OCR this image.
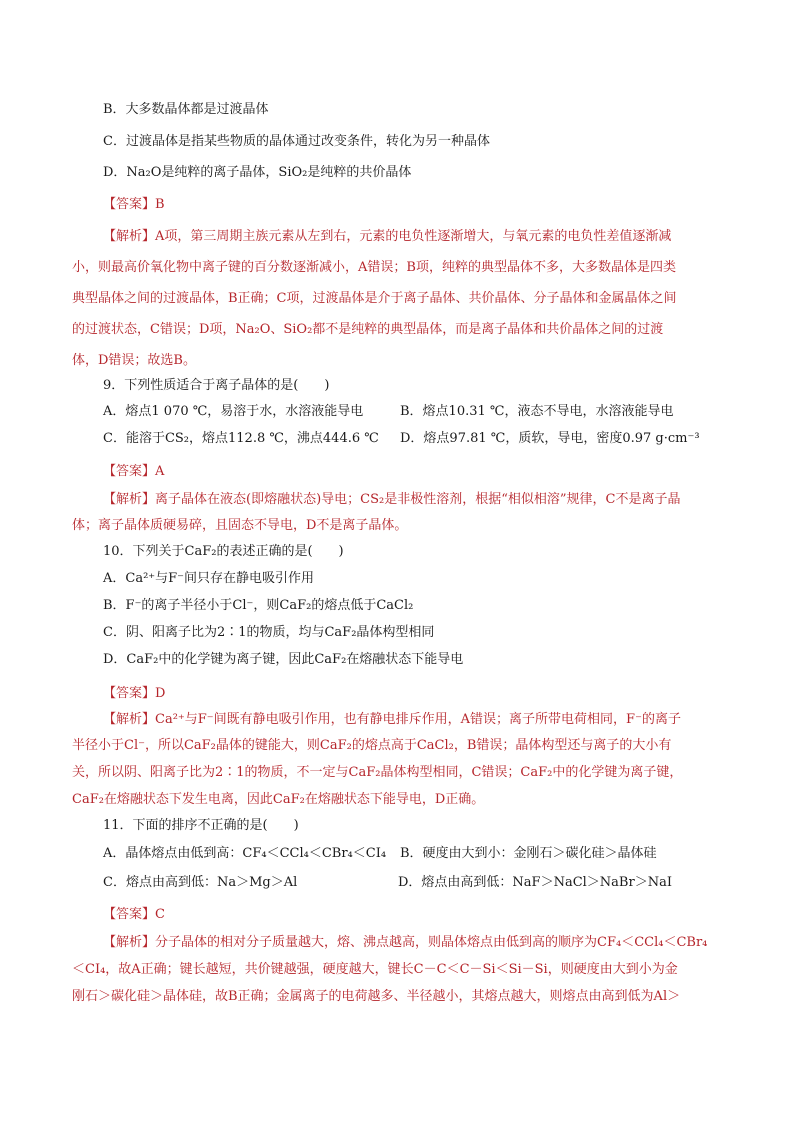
B．大多数晶体都是过渡晶体
C．过渡晶体是指某些物质的晶体通过改变条件，转化为另一种晶体
D．Na₂O是纯粹的离子晶体，SiO₂是纯粹的共价晶体
【答案】B
【解析】A项，第三周期主族元素从左到右，元素的电负性逐渐增大，与氧元素的电负性差值逐渐减
小，则最高价氧化物中离子键的百分数逐渐减小，A错误；B项，纯粹的典型晶体不多，大多数晶体是四类
典型晶体之间的过渡晶体，B正确；C项，过渡晶体是介于离子晶体、共价晶体、分子晶体和金属晶体之间
的过渡状态，C错误；D项，Na₂O、SiO₂都不是纯粹的典型晶体，而是离子晶体和共价晶体之间的过渡
体，D错误；故选B。
9．下列性质适合于离子晶体的是(　　)
A．熔点1 070 ℃，易溶于水，水溶液能导电	B．熔点10.31 ℃，液态不导电，水溶液能导电
C．能溶于CS₂，熔点112.8 ℃，沸点444.6 ℃ D．熔点97.81 ℃，质软，导电，密度0.97 g·cm⁻³
【答案】A
【解析】离子晶体在液态(即熔融状态)导电；CS₂是非极性溶剂，根据“相似相溶”规律，C不是离子晶
体；离子晶体质硬易碎，且固态不导电，D不是离子晶体。
10．下列关于CaF₂的表述正确的是(　　)
A．Ca²⁺与F⁻间只存在静电吸引作用
B．F⁻的离子半径小于Cl⁻，则CaF₂的熔点低于CaCl₂
C．阴、阳离子比为2∶1的物质，均与CaF₂晶体构型相同
D．CaF₂中的化学键为离子键，因此CaF₂在熔融状态下能导电
【答案】D
【解析】Ca²⁺与F⁻间既有静电吸引作用，也有静电排斥作用，A错误；离子所带电荷相同，F⁻的离子
半径小于Cl⁻，所以CaF₂晶体的键能大，则CaF₂的熔点高于CaCl₂，B错误；晶体构型还与离子的大小有
关，所以阴、阳离子比为2∶1的物质，不一定与CaF₂晶体构型相同，C错误；CaF₂中的化学键为离子键，
CaF₂在熔融状态下发生电离，因此CaF₂在熔融状态下能导电，D正确。
11．下面的排序不正确的是(　　)
A．晶体熔点由低到高：CF₄＜CCl₄＜CBr₄＜CI₄ B．硬度由大到小：金刚石＞碳化硅＞晶体硅
C．熔点由高到低：Na＞Mg＞Al	D．熔点由高到低：NaF＞NaCl＞NaBr＞NaI
【答案】C
【解析】分子晶体的相对分子质量越大，熔、沸点越高，则晶体熔点由低到高的顺序为CF₄＜CCl₄＜CBr₄
＜CI₄，故A正确；键长越短，共价键越强，硬度越大，键长C－C＜C－Si＜Si－Si，则硬度由大到小为金
刚石＞碳化硅＞晶体硅，故B正确；金属离子的电荷越多、半径越小，其熔点越大，则熔点由高到低为Al＞
